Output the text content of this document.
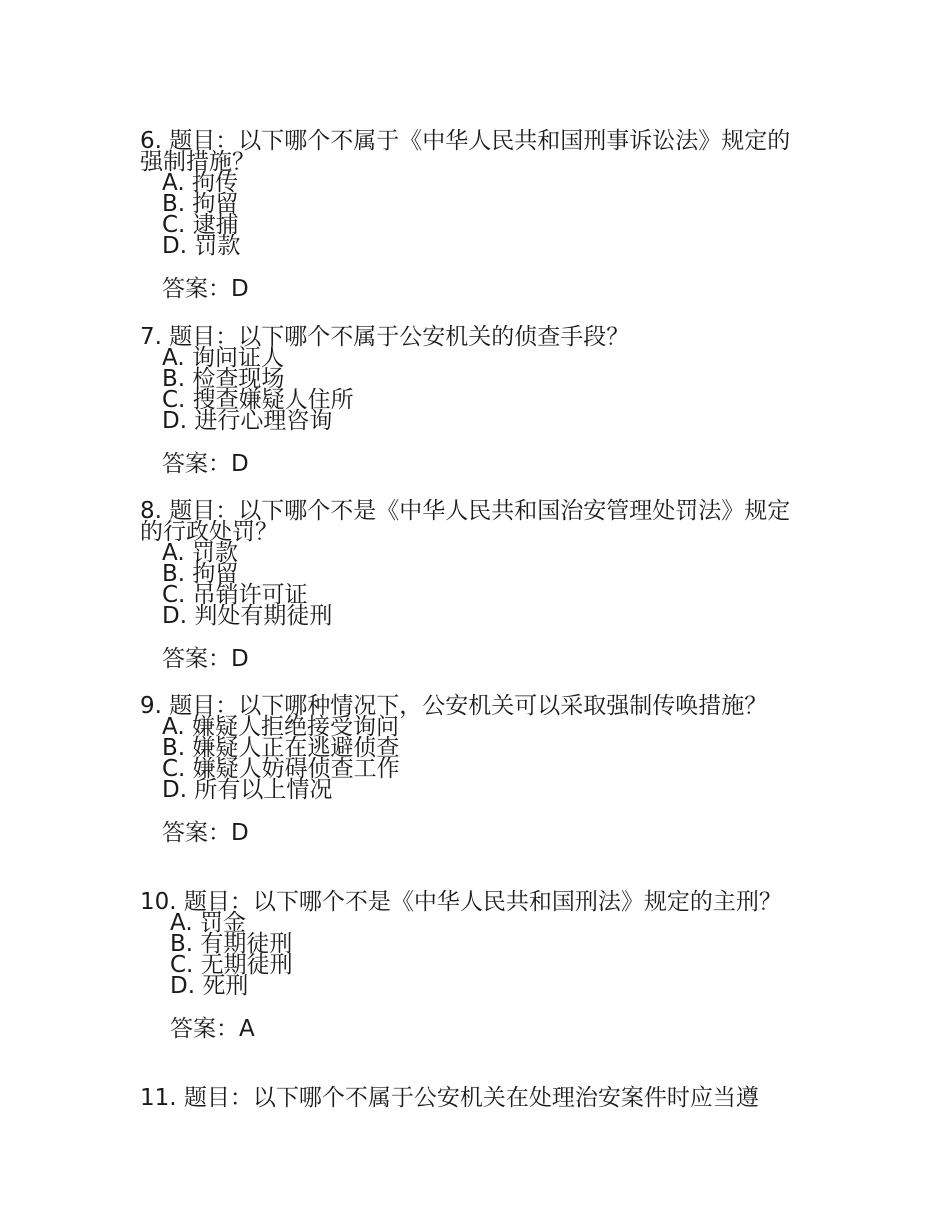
6. 题目：以下哪个不属于《中华人民共和国刑事诉讼法》规定的强制措施？
A. 拘传
B. 拘留
C. 逮捕
D. 罚款
答案：D
7. 题目：以下哪个不属于公安机关的侦查手段？
A. 询问证人
B. 检查现场
C. 搜查嫌疑人住所
D. 进行心理咨询
答案：D
8. 题目：以下哪个不是《中华人民共和国治安管理处罚法》规定的行政处罚？
A. 罚款
B. 拘留
C. 吊销许可证
D. 判处有期徒刑
答案：D
9. 题目：以下哪种情况下，公安机关可以采取强制传唤措施？
A. 嫌疑人拒绝接受询问
B. 嫌疑人正在逃避侦查
C. 嫌疑人妨碍侦查工作
D. 所有以上情况
答案：D
10. 题目：以下哪个不是《中华人民共和国刑法》规定的主刑？
A. 罚金
B. 有期徒刑
C. 无期徒刑
D. 死刑
答案：A
11. 题目：以下哪个不属于公安机关在处理治安案件时应当遵
